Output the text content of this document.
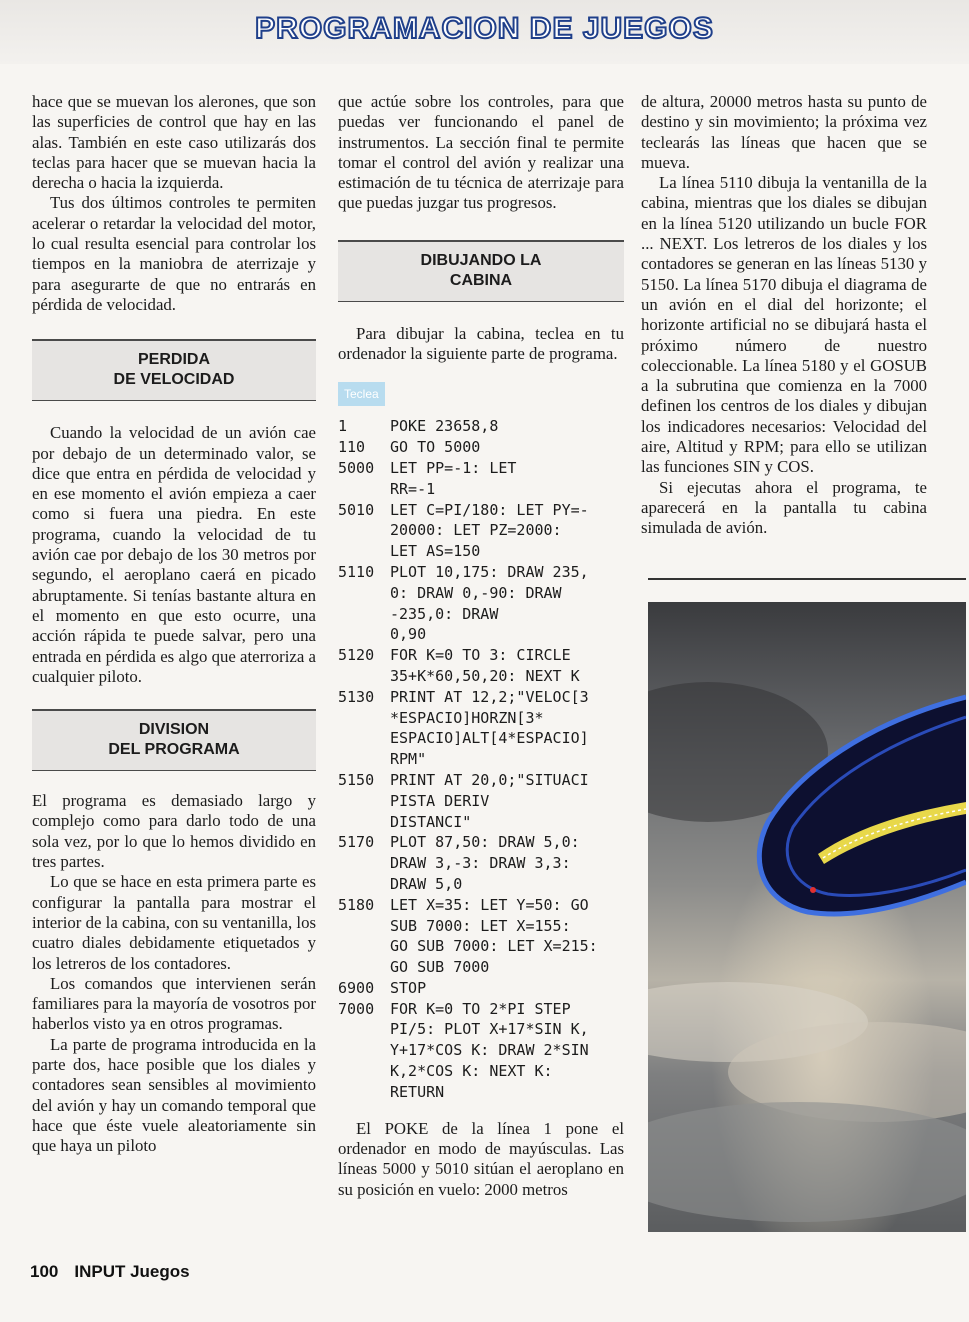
PROGRAMACION DE JUEGOS

hace que se muevan los alerones, que son las superficies de control que hay en las alas. También en este caso utilizarás dos teclas para hacer que se muevan hacia la derecha o hacia la izquierda.

Tus dos últimos controles te permiten acelerar o retardar la velocidad del motor, lo cual resulta esencial para controlar los tiempos en la maniobra de aterrizaje y para asegurarte de que no entrarás en pérdida de velocidad.

PERDIDA
DE VELOCIDAD

Cuando la velocidad de un avión cae por debajo de un determinado valor, se dice que entra en pérdida de velocidad y en ese momento el avión empieza a caer como si fuera una piedra. En este programa, cuando la velocidad de tu avión cae por debajo de los 30 metros por segundo, el aeroplano caerá en picado abruptamente. Si tenías bastante altura en el momento en que esto ocurre, una acción rápida te puede salvar, pero una entrada en pérdida es algo que aterroriza a cualquier piloto.

DIVISION
DEL PROGRAMA

El programa es demasiado largo y complejo como para darlo todo de una sola vez, por lo que lo hemos dividido en tres partes.

Lo que se hace en esta primera parte es configurar la pantalla para mostrar el interior de la cabina, con su ventanilla, los cuatro diales debidamente etiquetados y los letreros de los contadores.

Los comandos que intervienen serán familiares para la mayoría de vosotros por haberlos visto ya en otros programas.

La parte de programa introducida en la parte dos, hace posible que los diales y contadores sean sensibles al movimiento del avión y hay un comando temporal que hace que éste vuele aleatoriamente sin que haya un piloto

que actúe sobre los controles, para que puedas ver funcionando el panel de instrumentos. La sección final te permite tomar el control del avión y realizar una estimación de tu técnica de aterrizaje para que puedas juzgar tus progresos.

DIBUJANDO LA
CABINA

Para dibujar la cabina, teclea en tu ordenador la siguiente parte de programa.

Teclea
1	POKE 23658,8
110	GO TO 5000
5000	LET PP=-1: LET
RR=-1
5010	LET C=PI/180: LET PY=-
20000: LET PZ=2000:
LET AS=150
5110	PLOT 10,175: DRAW 235,
0: DRAW 0,-90: DRAW
-235,0: DRAW
0,90
5120	FOR K=0 TO 3: CIRCLE
35+K*60,50,20: NEXT K
5130	PRINT AT 12,2;"VELOC[3
*ESPACIO]HORZN[3*
ESPACIO]ALT[4*ESPACIO]
RPM"
5150	PRINT AT 20,0;"SITUACI
PISTA DERIV
DISTANCI"
5170	PLOT 87,50: DRAW 5,0:
DRAW 3,-3: DRAW 3,3:
DRAW 5,0
5180	LET X=35: LET Y=50: GO
SUB 7000: LET X=155:
GO SUB 7000: LET X=215:
GO SUB 7000
6900	STOP
7000	FOR K=0 TO 2*PI STEP
PI/5: PLOT X+17*SIN K,
Y+17*COS K: DRAW 2*SIN
K,2*COS K: NEXT K:
RETURN

El POKE de la línea 1 pone el ordenador en modo de mayúsculas. Las líneas 5000 y 5010 sitúan el aeroplano en su posición en vuelo: 2000 metros

de altura, 20000 metros hasta su punto de destino y sin movimiento; la próxima vez teclearás las líneas que hacen que se mueva.

La línea 5110 dibuja la ventanilla de la cabina, mientras que los diales se dibujan en la línea 5120 utilizando un bucle FOR ... NEXT. Los letreros de los diales y los contadores se generan en las líneas 5130 y 5150. La línea 5170 dibuja el diagrama de un avión en el dial del horizonte; el horizonte artificial no se dibujará hasta el próximo número de nuestro coleccionable. La línea 5180 y el GOSUB a la subrutina que comienza en la 7000 definen los centros de los diales y dibujan los indicadores necesarios: Velocidad del aire, Altitud y RPM; para ello se utilizan las funciones SIN y COS.

Si ejecutas ahora el programa, te aparecerá en la pantalla tu cabina simulada de avión.

100 INPUT Juegos
